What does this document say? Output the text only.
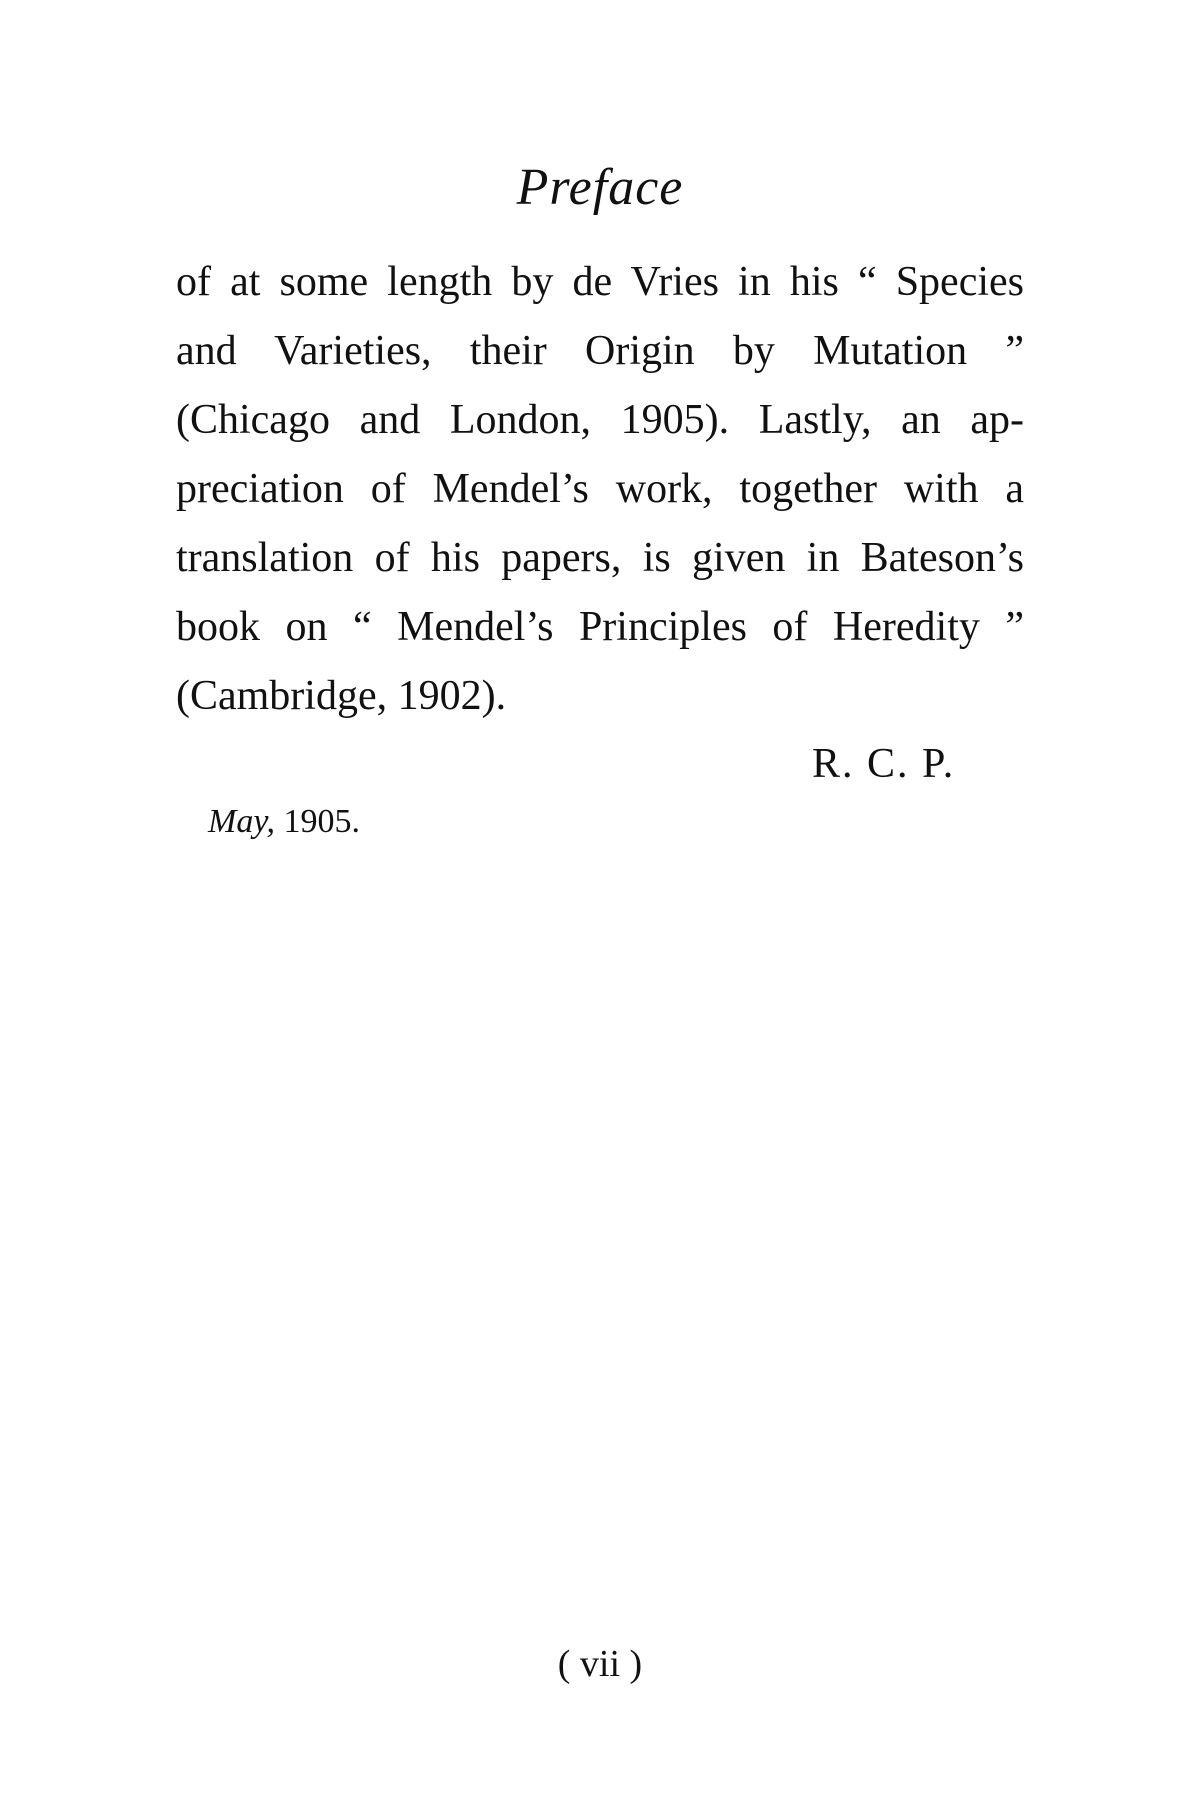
Preface
of at some length by de Vries in his “ Species
and Varieties, their Origin by Mutation ”
(Chicago and London, 1905). Lastly, an ap-
preciation of Mendel’s work, together with a
translation of his papers, is given in Bateson’s
book on “ Mendel’s Principles of Heredity ”
(Cambridge, 1902).
R. C. P.
May, 1905.
( vii )
